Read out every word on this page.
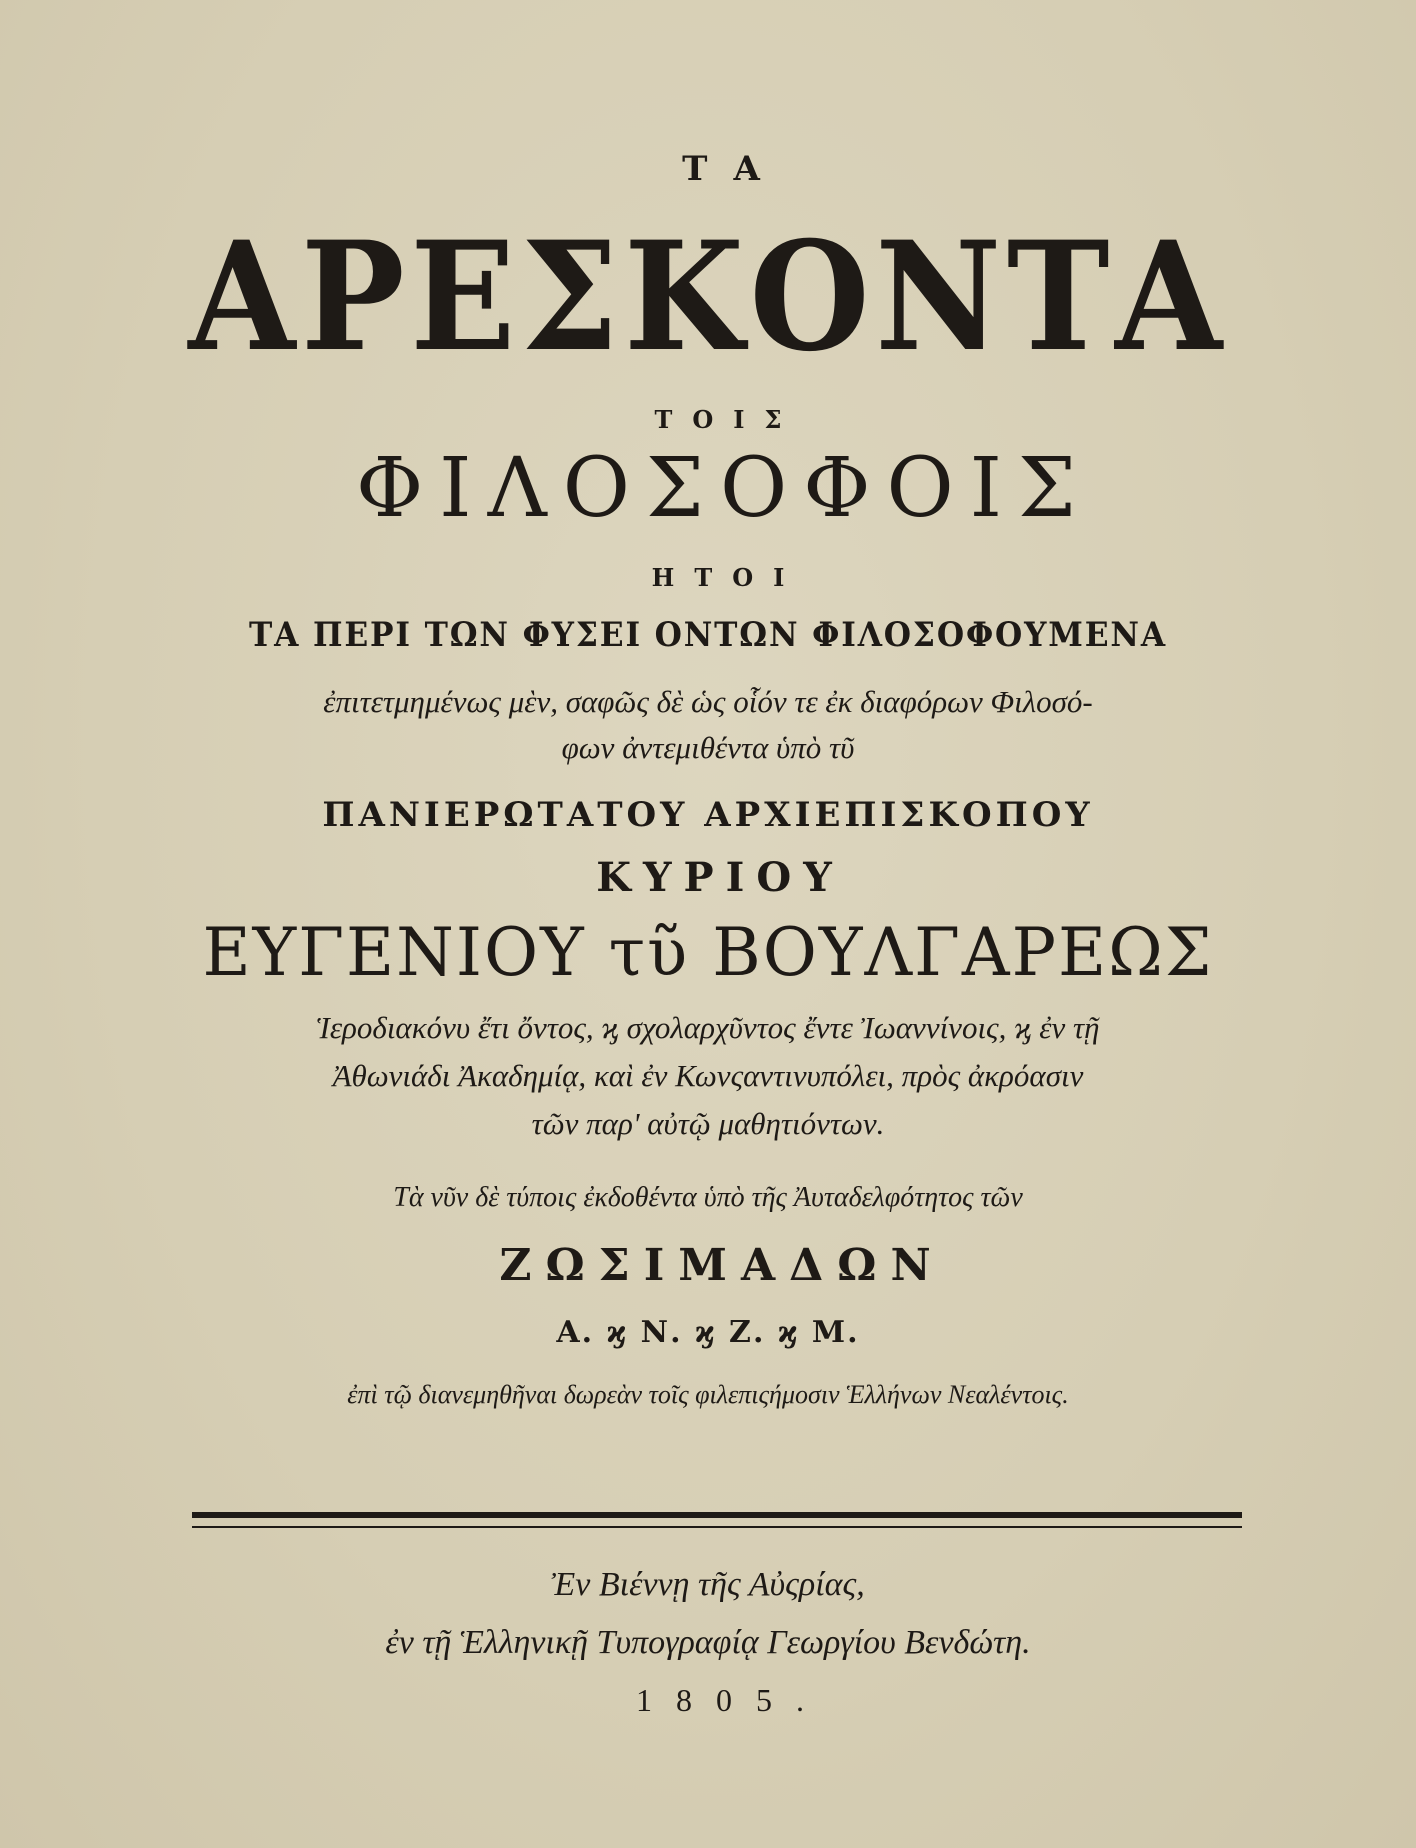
ΤΑ
ΑΡΕΣΚΟΝΤΑ
ΤΟΙΣ
ΦΙΛΟΣΟΦΟΙΣ
ΗΤΟΙ
ΤΑ ΠΕΡΙ ΤΩΝ ΦΥΣΕΙ ΟΝΤΩΝ ΦΙΛΟΣΟΦΟΥΜΕΝΑ
ἐπιτετμημένως μὲν, σαφῶς δὲ ὡς οἷόν τε ἐκ διαφόρων Φιλοσό-
φων ἀντεμιθέντα ὑπὸ τῦ
ΠΑΝΙΕΡΩΤΑΤΟΥ ΑΡΧΙΕΠΙΣΚΟΠΟΥ
ΚΥΡΙΟΥ
ΕΥΓΕΝΙΟΥ τῦ ΒΟΥΛΓΑΡΕΩΣ
Ἱεροδιακόνυ ἔτι ὄντος, ϗ σχολαρχῦντος ἔντε Ἰωαννίνοις, ϗ ἐν τῇ
Ἀθωνιάδι Ἀκαδημίᾳ, καὶ ἐν Κωνςαντινυπόλει, πρὸς ἀκρόασιν
τῶν παρ' αὐτῷ μαθητιόντων.
Τὰ νῦν δὲ τύποις ἐκδοθέντα ὑπὸ τῆς Ἀυταδελφότητος τῶν
ΖΩΣΙΜΑΔΩΝ
Α. ϗ Ν. ϗ Ζ. ϗ Μ.
ἐπὶ τῷ διανεμηθῆναι δωρεὰν τοῖς φιλεπιςήμοσιν Ἑλλήνων Νεαλέντοις.
Ἐν Βιέννῃ τῆς Αὐςρίας,
ἐν τῇ Ἑλληνικῇ Τυπογραφίᾳ Γεωργίου Βενδώτη.
1805.
